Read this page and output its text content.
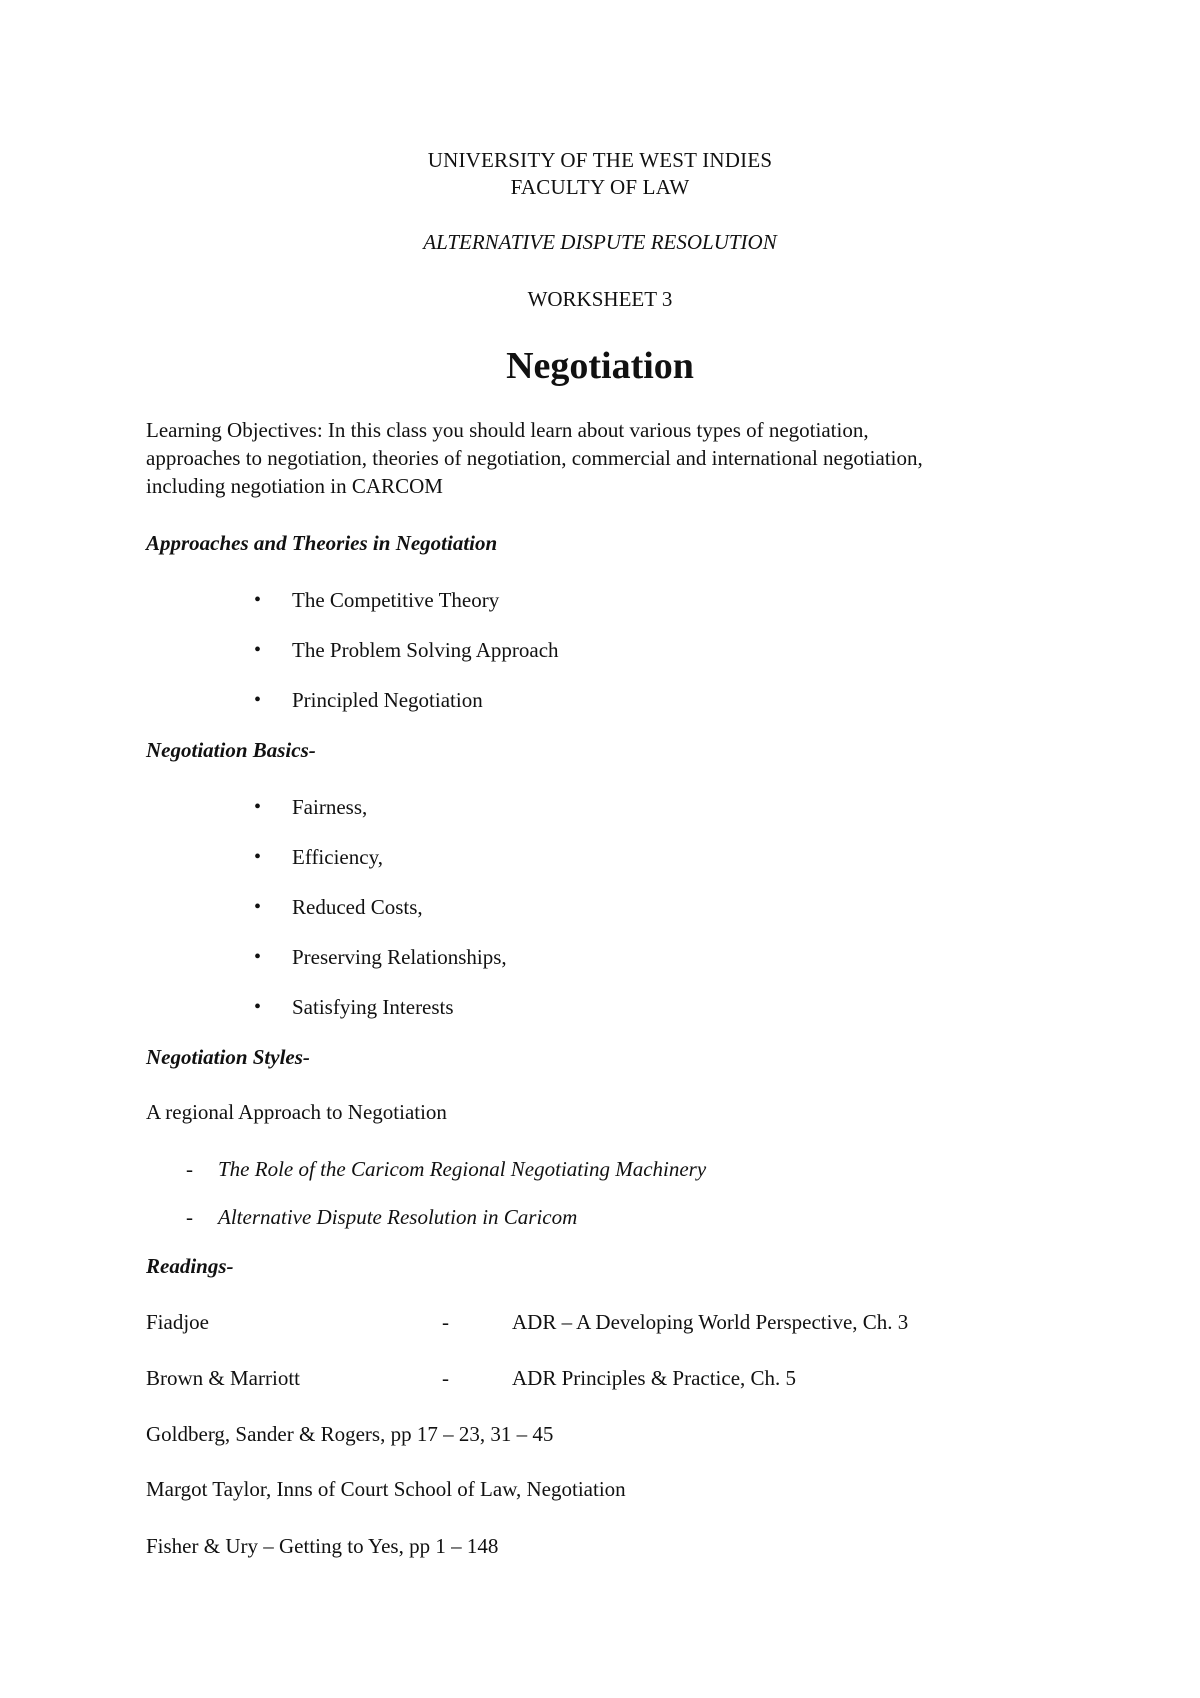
UNIVERSITY OF THE WEST INDIES
FACULTY OF LAW
ALTERNATIVE DISPUTE RESOLUTION
WORKSHEET 3
Negotiation
Learning Objectives: In this class you should learn about various types of negotiation,
approaches to negotiation, theories of negotiation, commercial and international negotiation,
including negotiation in CARCOM
Approaches and Theories in Negotiation
•	The Competitive Theory
•	The Problem Solving Approach
•	Principled Negotiation
Negotiation Basics-
•	Fairness,
•	Efficiency,
•	Reduced Costs,
•	Preserving Relationships,
•	Satisfying Interests
Negotiation Styles-
A regional Approach to Negotiation
- The Role of the Caricom Regional Negotiating Machinery
- Alternative Dispute Resolution in Caricom
Readings-
Fiadjoe	-	ADR – A Developing World Perspective, Ch. 3
Brown & Marriott	-	ADR Principles & Practice, Ch. 5
Goldberg, Sander & Rogers, pp 17 – 23, 31 – 45
Margot Taylor, Inns of Court School of Law, Negotiation
Fisher & Ury – Getting to Yes, pp 1 – 148
